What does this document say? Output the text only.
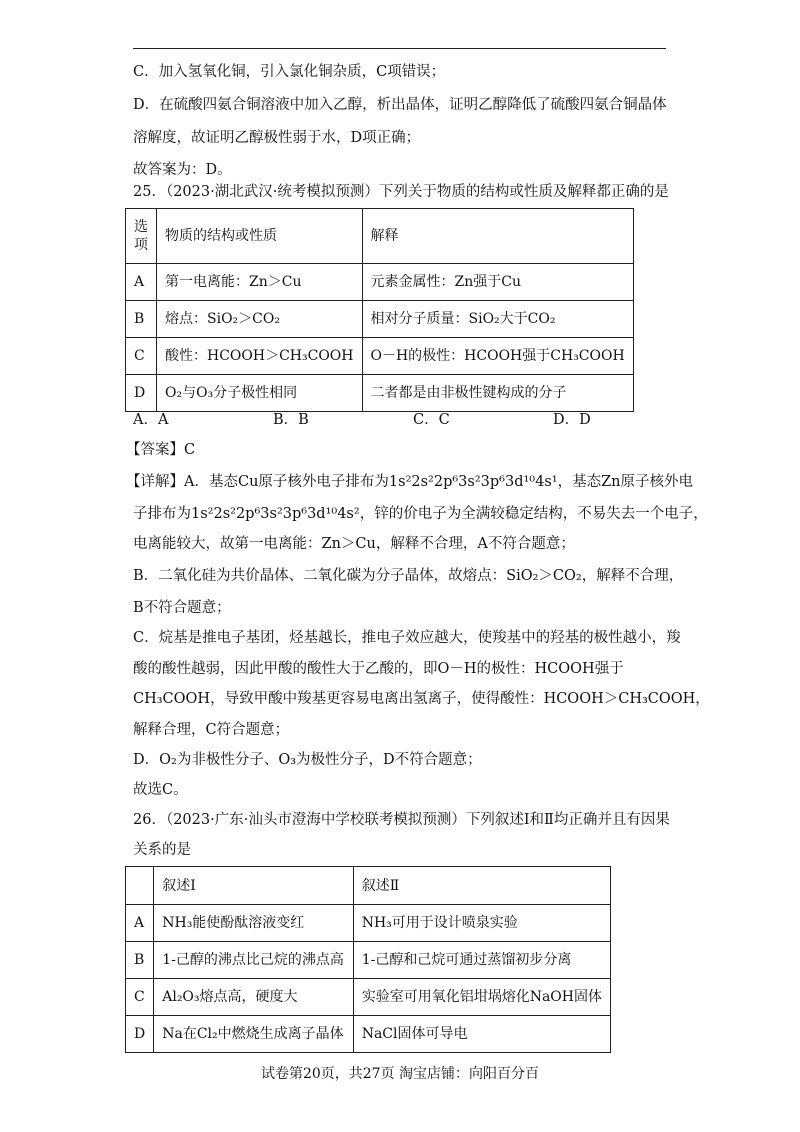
C．加入氢氧化铜，引入氯化铜杂质，C项错误；
D．在硫酸四氨合铜溶液中加入乙醇，析出晶体，证明乙醇降低了硫酸四氨合铜晶体
溶解度，故证明乙醇极性弱于水，D项正确；
故答案为：D。
25．（2023·湖北武汉·统考模拟预测）下列关于物质的结构或性质及解释都正确的是
选
项	物质的结构或性质	解释
A	第一电离能：Zn＞Cu	元素金属性：Zn强于Cu
B	熔点：SiO₂＞CO₂	相对分子质量：SiO₂大于CO₂
C	酸性：HCOOH＞CH₃COOH	O－H的极性：HCOOH强于CH₃COOH
D	O₂与O₃分子极性相同	二者都是由非极性键构成的分子
A．A	B．B	C．C	D．D
【答案】C
【详解】A．基态Cu原子核外电子排布为1s²2s²2p⁶3s²3p⁶3d¹⁰4s¹，基态Zn原子核外电
子排布为1s²2s²2p⁶3s²3p⁶3d¹⁰4s²，锌的价电子为全满较稳定结构，不易失去一个电子，
电离能较大，故第一电离能：Zn＞Cu，解释不合理，A不符合题意；
B．二氧化硅为共价晶体、二氧化碳为分子晶体，故熔点：SiO₂＞CO₂，解释不合理，
B不符合题意；
C．烷基是推电子基团，烃基越长，推电子效应越大，使羧基中的羟基的极性越小，羧
酸的酸性越弱，因此甲酸的酸性大于乙酸的，即O－H的极性：HCOOH强于
CH₃COOH，导致甲酸中羧基更容易电离出氢离子，使得酸性：HCOOH＞CH₃COOH，
解释合理，C符合题意；
D．O₂为非极性分子、O₃为极性分子，D不符合题意；
故选C。
26．（2023·广东·汕头市澄海中学校联考模拟预测）下列叙述Ⅰ和Ⅱ均正确并且有因果
关系的是
	叙述Ⅰ	叙述Ⅱ
A	NH₃能使酚酞溶液变红	NH₃可用于设计喷泉实验
B	1-己醇的沸点比己烷的沸点高	1-己醇和己烷可通过蒸馏初步分离
C	Al₂O₃熔点高，硬度大	实验室可用氧化铝坩埚熔化NaOH固体
D	Na在Cl₂中燃烧生成离子晶体	NaCl固体可导电
试卷第20页，共27页 淘宝店铺：向阳百分百
